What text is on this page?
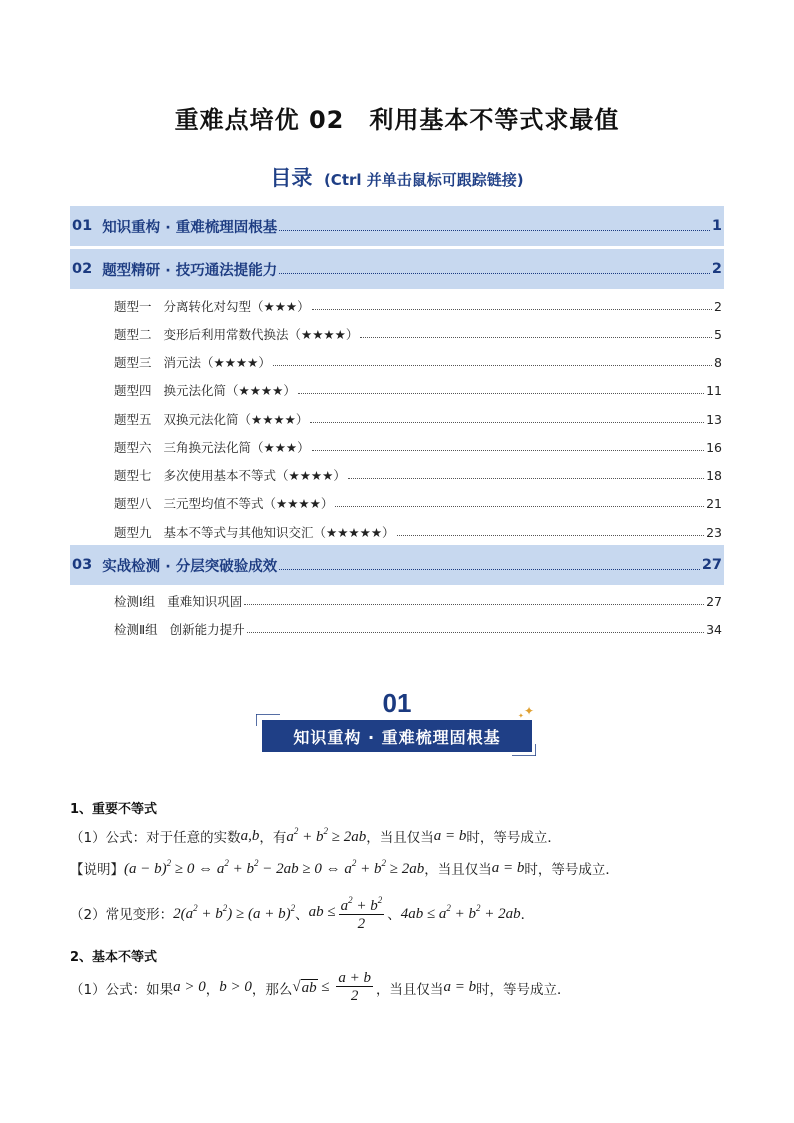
重难点培优 02　利用基本不等式求最值
目录 (Ctrl 并单击鼠标可跟踪链接)
01 知识重构 · 重难梳理固根基	1
02 题型精研 · 技巧通法提能力	2
题型一 分离转化对勾型（★★★）	2
题型二 变形后利用常数代换法（★★★★）	5
题型三 消元法（★★★★）	8
题型四 换元法化简（★★★★）	11
题型五 双换元法化简（★★★★）	13
题型六 三角换元法化简（★★★）	16
题型七 多次使用基本不等式（★★★★）	18
题型八 三元型均值不等式（★★★★）	21
题型九 基本不等式与其他知识交汇（★★★★★）	23
03 实战检测 · 分层突破验成效	27
检测Ⅰ组 重难知识巩固	27
检测Ⅱ组 创新能力提升	34
01
知识重构 · 重难梳理固根基
✦
✦
1、重要不等式
（1）公式：对于任意的实数 a , b ，有 $a^2 + b^2 \ge 2ab$ ，当且仅当 a = b 时，等号成立．
【说明】 $(a - b)^2 \ge 0$ ⇔ $a^2 + b^2 - 2ab \ge 0$ ⇔ $a^2 + b^2 \ge 2ab$ ，当且仅当 a = b 时，等号成立．
（2）常见变形： $2(a^2 + b^2) \ge (a + b)^2$ 、 ab ≤ $\frac{a^2 + b^2}{2}$ 、 $4ab \le a^2 + b^2 + 2ab$ ．
2、基本不等式
（1）公式：如果 a > 0 ， b > 0 ，那么 √ ab ≤ $\frac{a + b}{2}$ ，当且仅当 a = b 时，等号成立．
